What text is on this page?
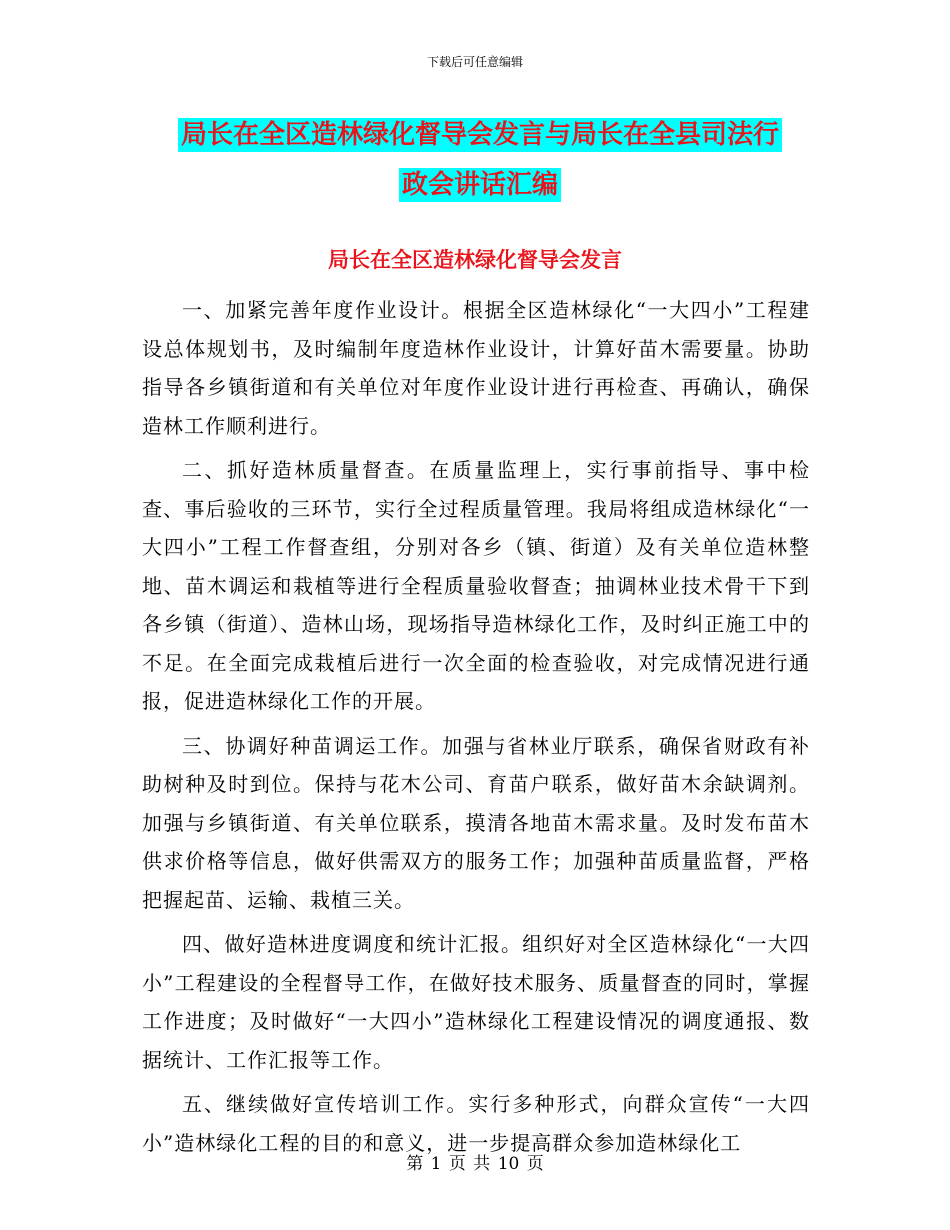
下载后可任意编辑
局长在全区造林绿化督导会发言与局长在全县司法行
政会讲话汇编
局长在全区造林绿化督导会发言

一、加紧完善年度作业设计。根据全区造林绿化“一大四小”工程建设总体规划书，及时编制年度造林作业设计，计算好苗木需要量。协助指导各乡镇街道和有关单位对年度作业设计进行再检查、再确认，确保造林工作顺利进行。

二、抓好造林质量督查。在质量监理上，实行事前指导、事中检查、事后验收的三环节，实行全过程质量管理。我局将组成造林绿化“一大四小”工程工作督查组，分别对各乡（镇、街道）及有关单位造林整地、苗木调运和栽植等进行全程质量验收督查；抽调林业技术骨干下到各乡镇（街道）、造林山场，现场指导造林绿化工作，及时纠正施工中的不足。在全面完成栽植后进行一次全面的检查验收，对完成情况进行通报，促进造林绿化工作的开展。

三、协调好种苗调运工作。加强与省林业厅联系，确保省财政有补助树种及时到位。保持与花木公司、育苗户联系，做好苗木余缺调剂。加强与乡镇街道、有关单位联系，摸清各地苗木需求量。及时发布苗木供求价格等信息，做好供需双方的服务工作；加强种苗质量监督，严格把握起苗、运输、栽植三关。

四、做好造林进度调度和统计汇报。组织好对全区造林绿化“一大四小”工程建设的全程督导工作，在做好技术服务、质量督查的同时，掌握工作进度；及时做好“一大四小”造林绿化工程建设情况的调度通报、数据统计、工作汇报等工作。

五、继续做好宣传培训工作。实行多种形式，向群众宣传“一大四小”造林绿化工程的目的和意义，进一步提高群众参加造林绿化工

第 1 页 共 10 页
